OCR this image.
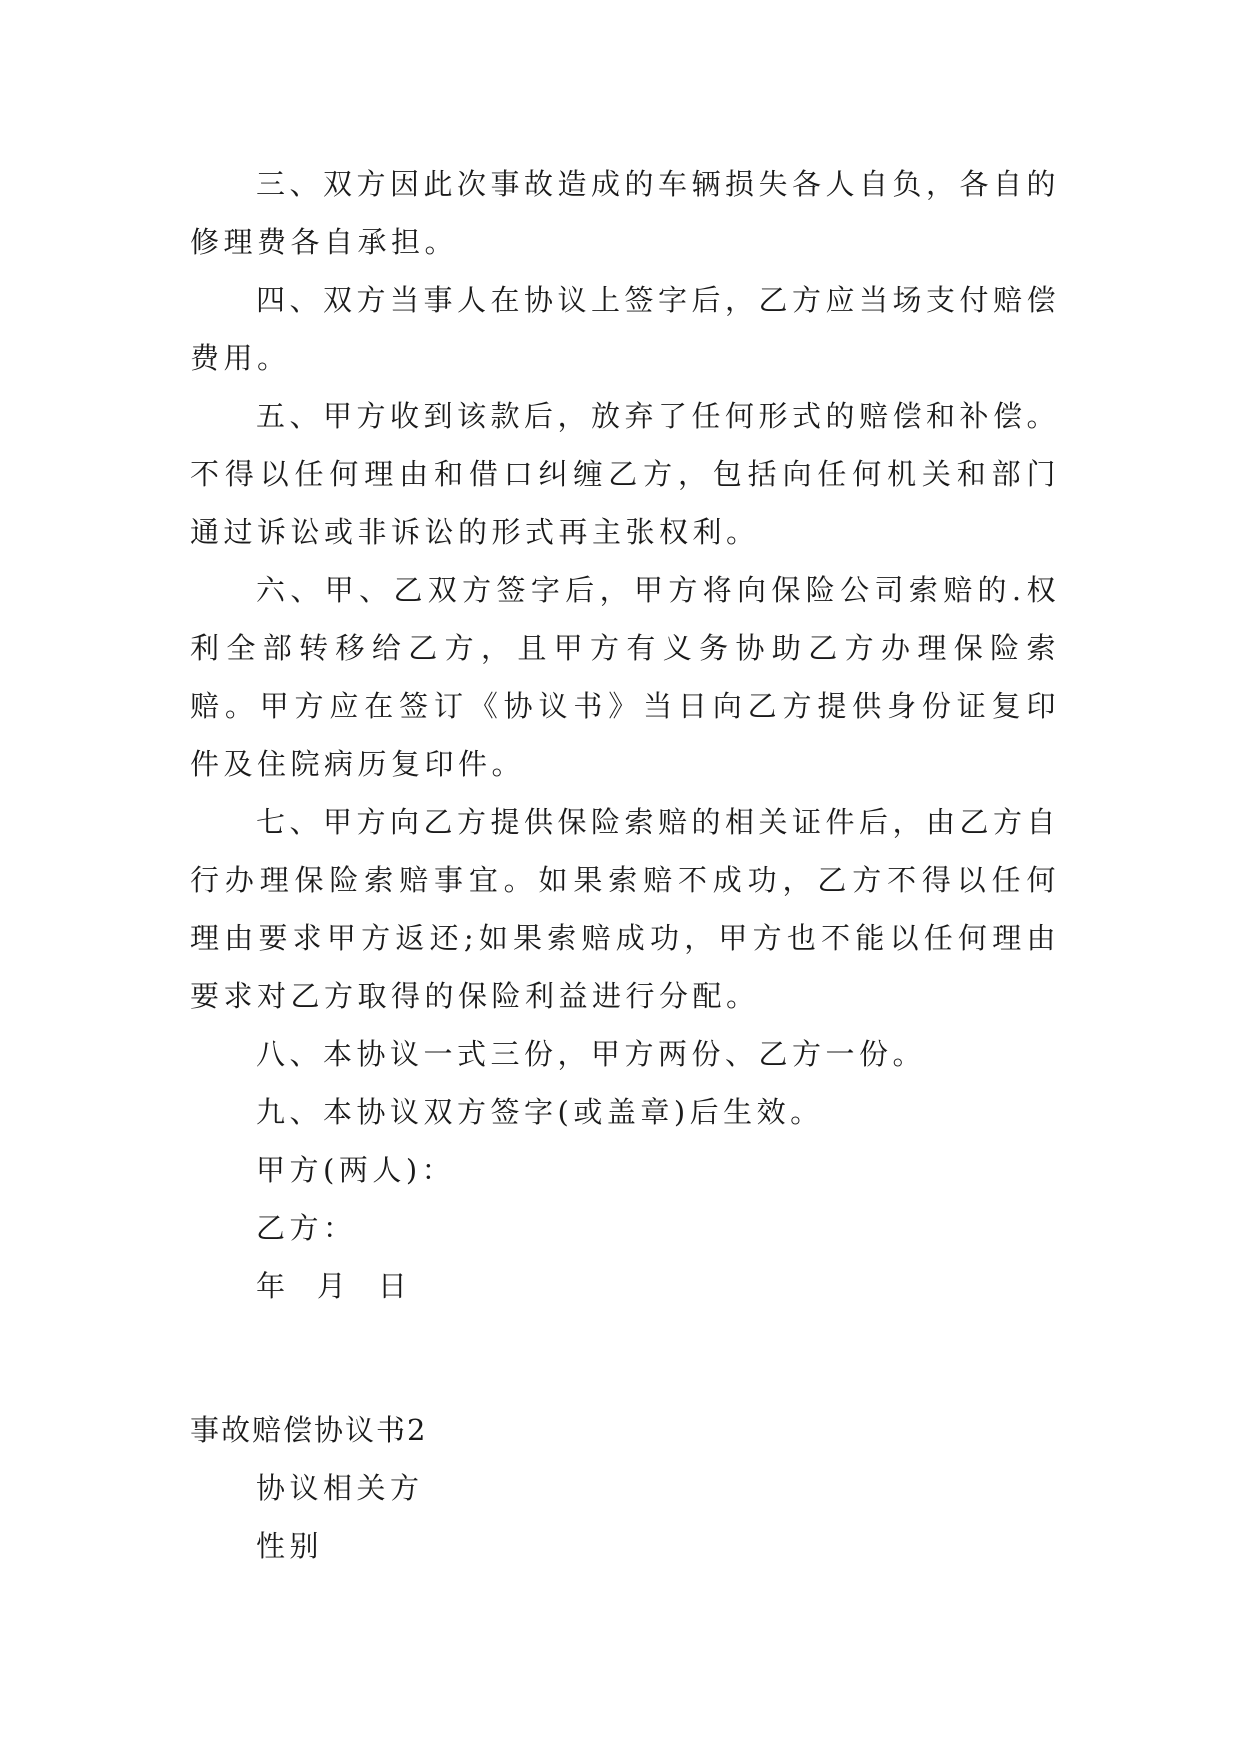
三、双方因此次事故造成的车辆损失各人自负，各自的修理费各自承担。

四、双方当事人在协议上签字后，乙方应当场支付赔偿费用。

五、甲方收到该款后，放弃了任何形式的赔偿和补偿。不得以任何理由和借口纠缠乙方，包括向任何机关和部门通过诉讼或非诉讼的形式再主张权利。

六、甲、乙双方签字后，甲方将向保险公司索赔的.权利全部转移给乙方，且甲方有义务协助乙方办理保险索赔。甲方应在签订《协议书》当日向乙方提供身份证复印件及住院病历复印件。

七、甲方向乙方提供保险索赔的相关证件后，由乙方自行办理保险索赔事宜。如果索赔不成功，乙方不得以任何理由要求甲方返还;如果索赔成功，甲方也不能以任何理由要求对乙方取得的保险利益进行分配。

八、本协议一式三份，甲方两份、乙方一份。

九、本协议双方签字(或盖章)后生效。

甲方(两人)：

乙方：

年  月  日

事故赔偿协议书2

协议相关方

性别
